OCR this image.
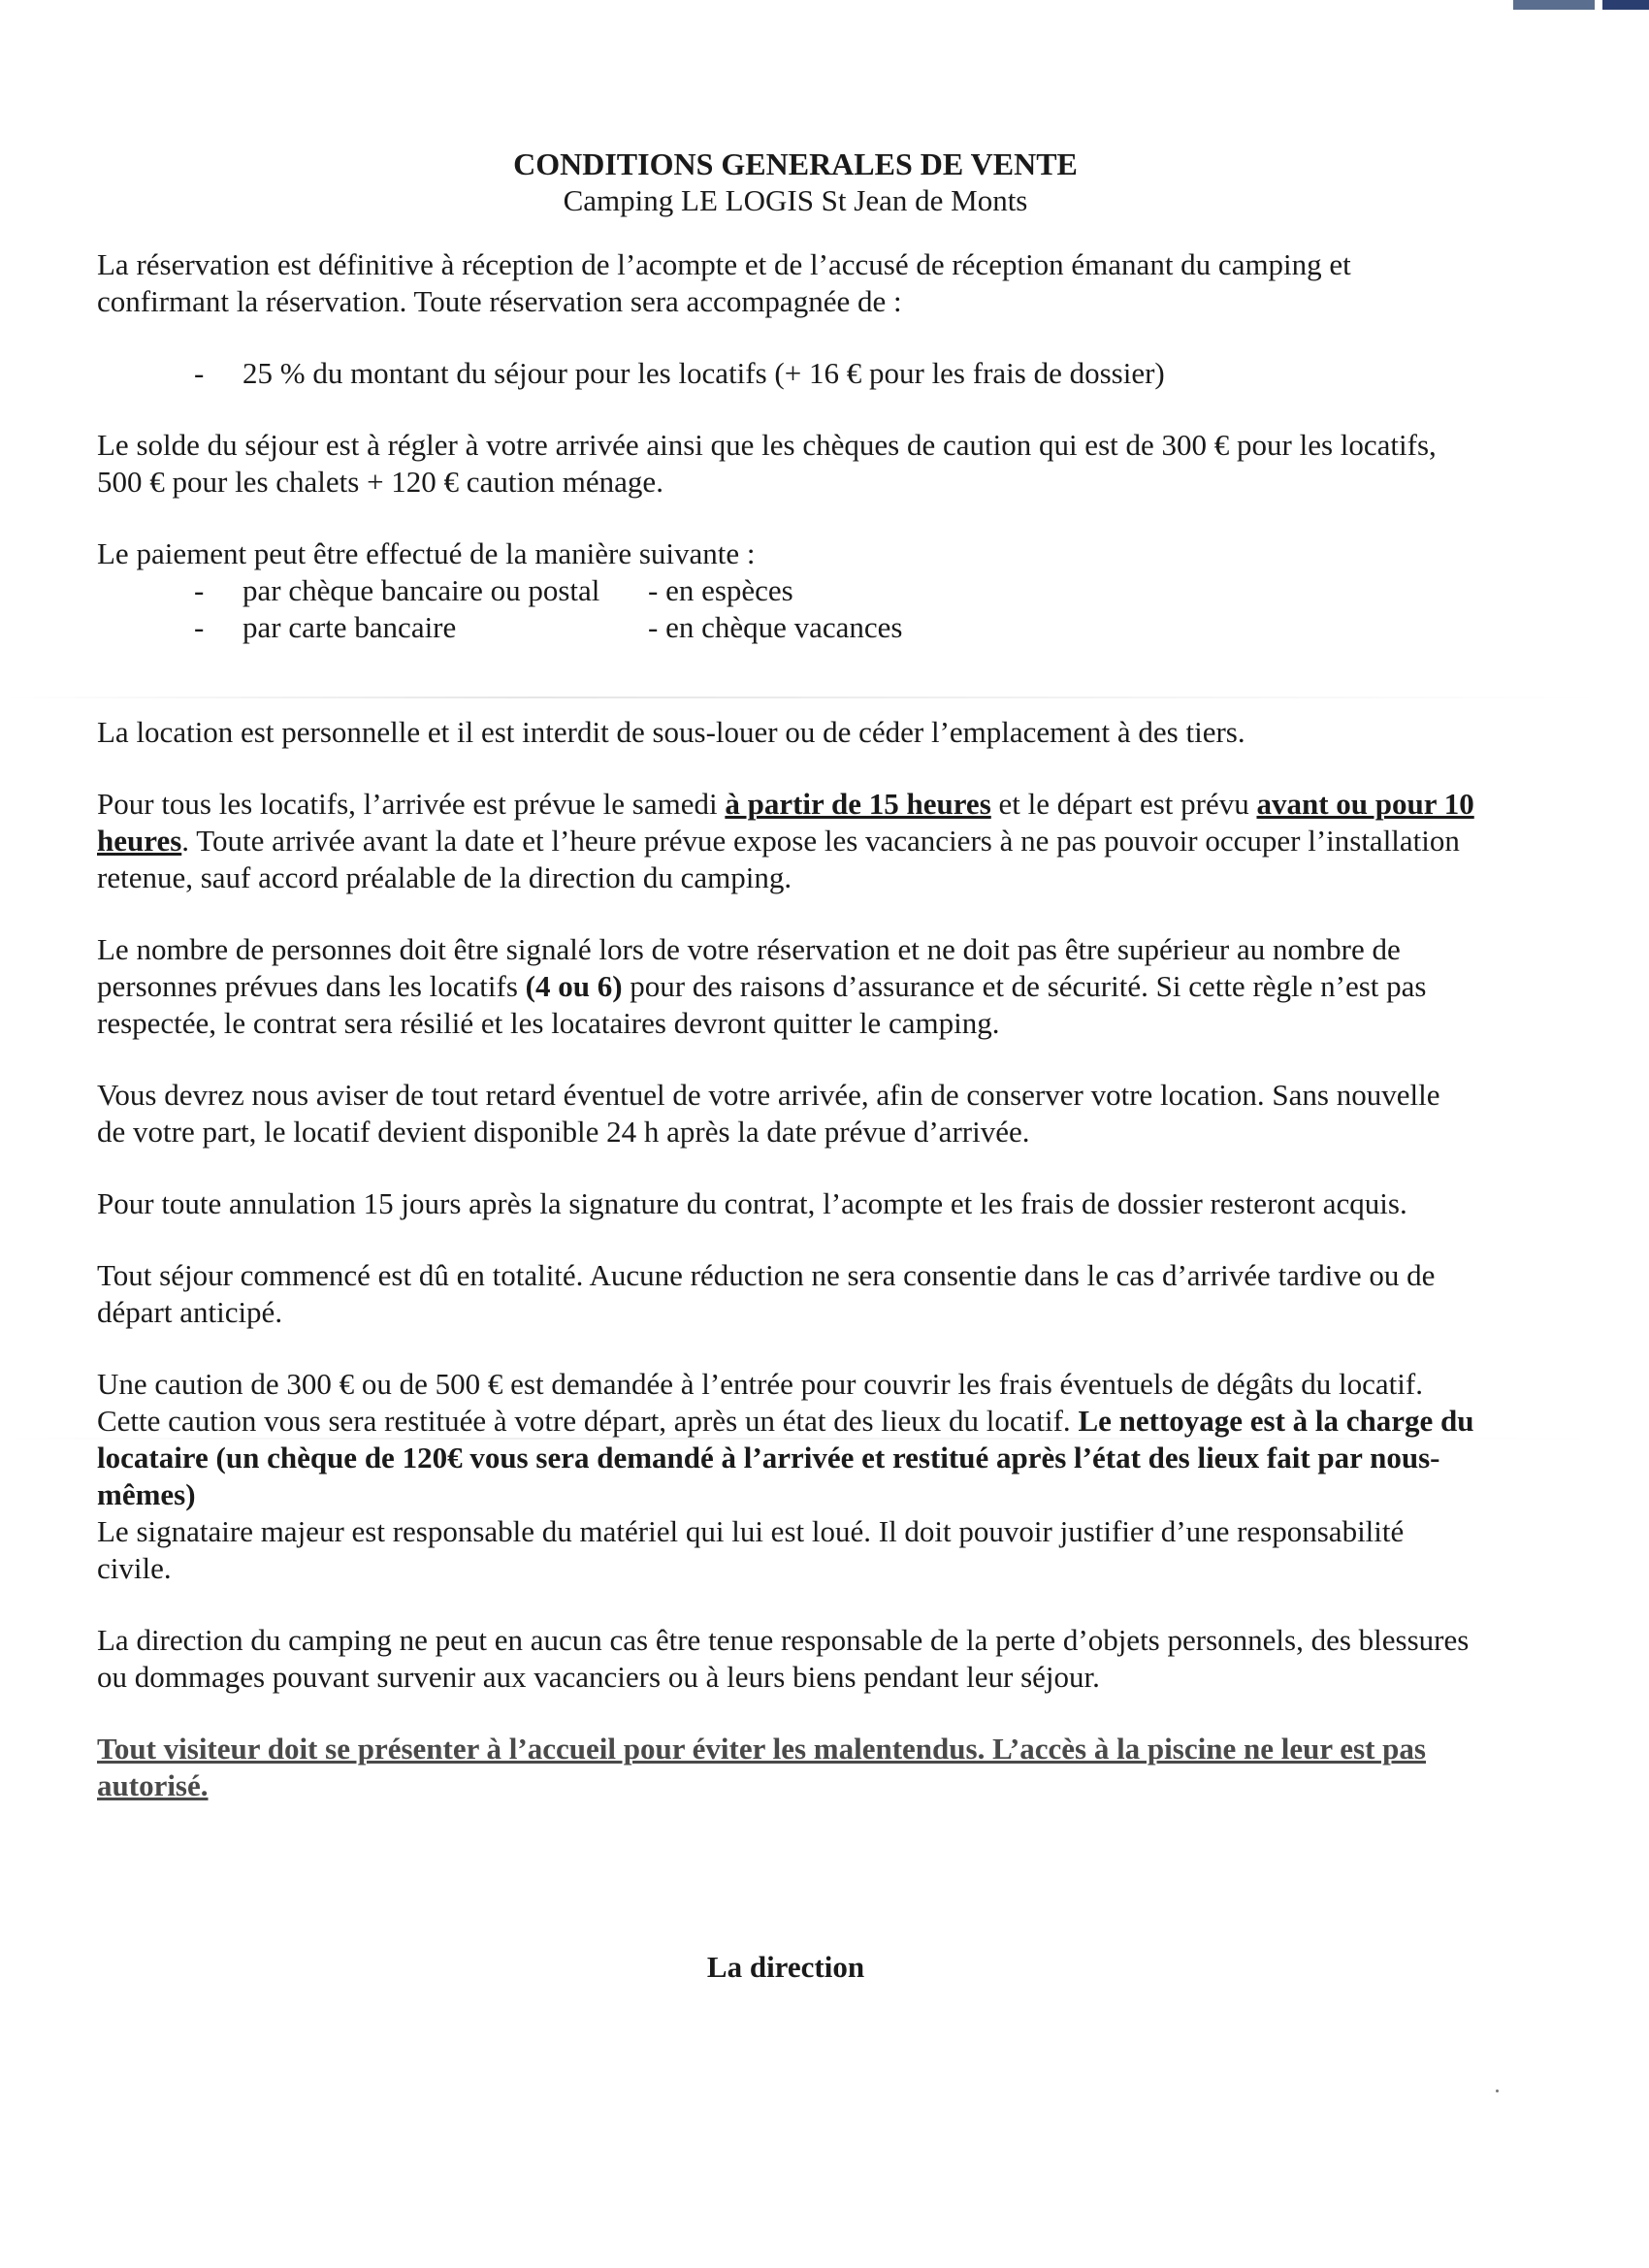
CONDITIONS GENERALES DE VENTE
Camping LE LOGIS St Jean de Monts

La réservation est définitive à réception de l’acompte et de l’accusé de réception émanant du camping et confirmant la réservation. Toute réservation sera accompagnée de :

- 25 % du montant du séjour pour les locatifs (+ 16 € pour les frais de dossier)

Le solde du séjour est à régler à votre arrivée ainsi que les chèques de caution qui est de 300 € pour les locatifs, 500 € pour les chalets + 120 € caution ménage.

Le paiement peut être effectué de la manière suivante :
- par chèque bancaire ou postal - en espèces
- par carte bancaire	- en chèque vacances

La location est personnelle et il est interdit de sous-louer ou de céder l’emplacement à des tiers.

Pour tous les locatifs, l’arrivée est prévue le samedi à partir de 15 heures et le départ est prévu avant ou pour 10 heures. Toute arrivée avant la date et l’heure prévue expose les vacanciers à ne pas pouvoir occuper l’installation retenue, sauf accord préalable de la direction du camping.

Le nombre de personnes doit être signalé lors de votre réservation et ne doit pas être supérieur au nombre de personnes prévues dans les locatifs (4 ou 6) pour des raisons d’assurance et de sécurité. Si cette règle n’est pas respectée, le contrat sera résilié et les locataires devront quitter le camping.

Vous devrez nous aviser de tout retard éventuel de votre arrivée, afin de conserver votre location. Sans nouvelle de votre part, le locatif devient disponible 24 h après la date prévue d’arrivée.

Pour toute annulation 15 jours après la signature du contrat, l’acompte et les frais de dossier resteront acquis.

Tout séjour commencé est dû en totalité. Aucune réduction ne sera consentie dans le cas d’arrivée tardive ou de départ anticipé.

Une caution de 300 € ou de 500 € est demandée à l’entrée pour couvrir les frais éventuels de dégâts du locatif. Cette caution vous sera restituée à votre départ, après un état des lieux du locatif. Le nettoyage est à la charge du locataire (un chèque de 120€ vous sera demandé à l’arrivée et restitué après l’état des lieux fait par nous-mêmes)
Le signataire majeur est responsable du matériel qui lui est loué. Il doit pouvoir justifier d’une responsabilité civile.

La direction du camping ne peut en aucun cas être tenue responsable de la perte d’objets personnels, des blessures ou dommages pouvant survenir aux vacanciers ou à leurs biens pendant leur séjour.

Tout visiteur doit se présenter à l’accueil pour éviter les malentendus. L’accès à la piscine ne leur est pas autorisé.

La direction
